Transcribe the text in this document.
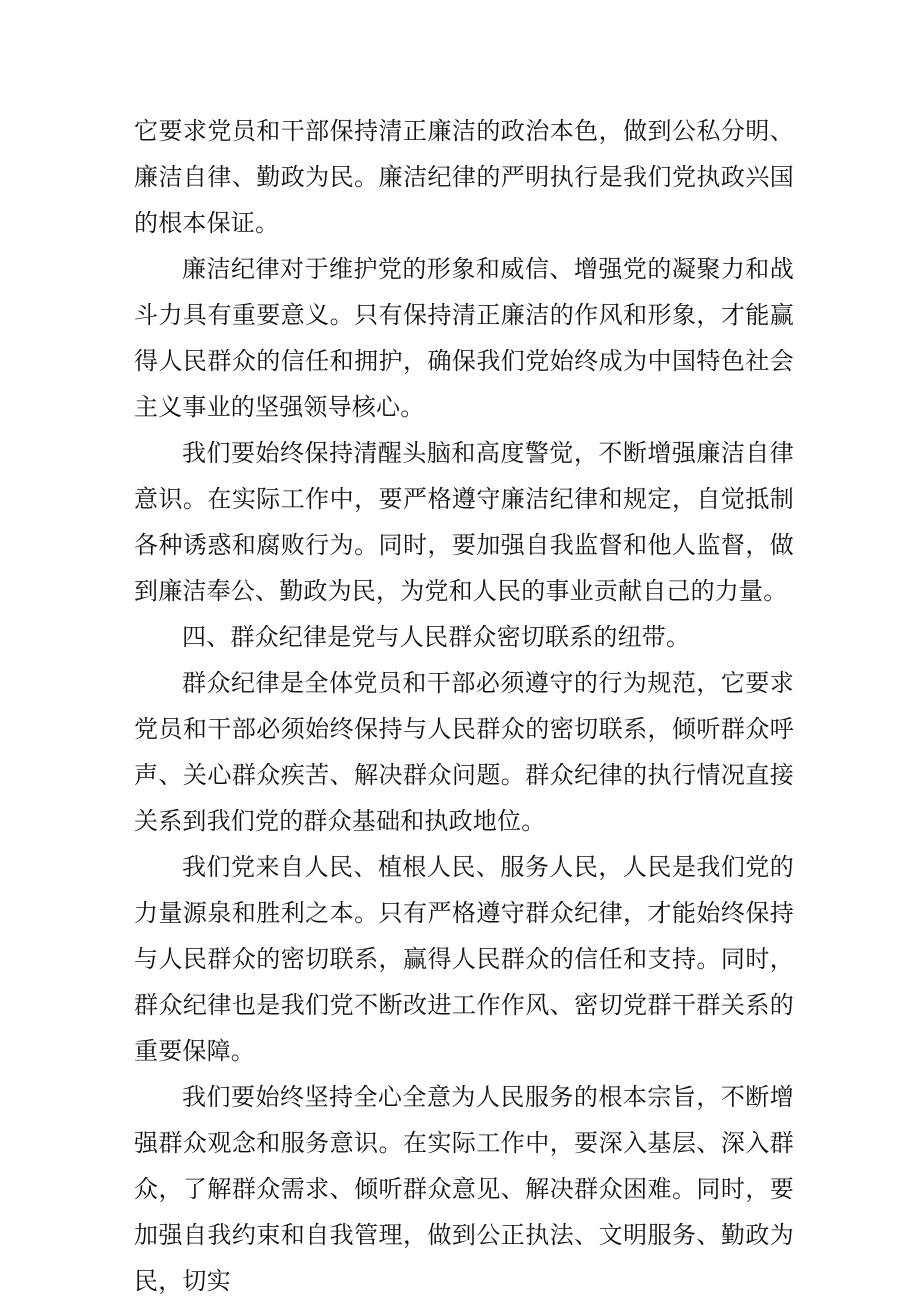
它要求党员和干部保持清正廉洁的政治本色，做到公私分明、廉洁自律、勤政为民。廉洁纪律的严明执行是我们党执政兴国的根本保证。

廉洁纪律对于维护党的形象和威信、增强党的凝聚力和战斗力具有重要意义。只有保持清正廉洁的作风和形象，才能赢得人民群众的信任和拥护，确保我们党始终成为中国特色社会主义事业的坚强领导核心。

我们要始终保持清醒头脑和高度警觉，不断增强廉洁自律意识。在实际工作中，要严格遵守廉洁纪律和规定，自觉抵制各种诱惑和腐败行为。同时，要加强自我监督和他人监督，做到廉洁奉公、勤政为民，为党和人民的事业贡献自己的力量。

四、群众纪律是党与人民群众密切联系的纽带。

群众纪律是全体党员和干部必须遵守的行为规范，它要求党员和干部必须始终保持与人民群众的密切联系，倾听群众呼声、关心群众疾苦、解决群众问题。群众纪律的执行情况直接关系到我们党的群众基础和执政地位。

我们党来自人民、植根人民、服务人民，人民是我们党的力量源泉和胜利之本。只有严格遵守群众纪律，才能始终保持与人民群众的密切联系，赢得人民群众的信任和支持。同时，群众纪律也是我们党不断改进工作作风、密切党群干群关系的重要保障。

我们要始终坚持全心全意为人民服务的根本宗旨，不断增强群众观念和服务意识。在实际工作中，要深入基层、深入群众，了解群众需求、倾听群众意见、解决群众困难。同时，要加强自我约束和自我管理，做到公正执法、文明服务、勤政为民，切实
